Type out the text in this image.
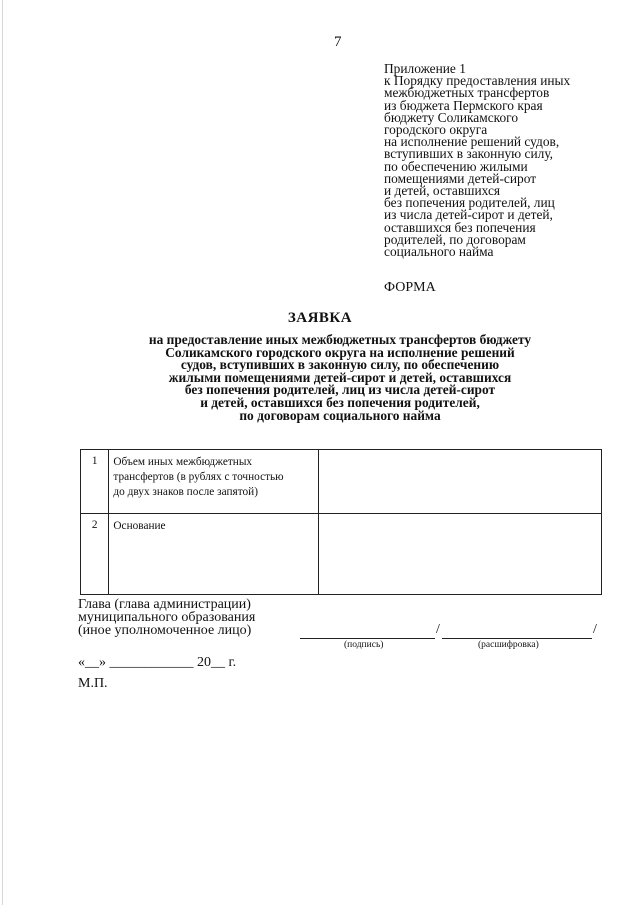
7
Приложение 1
к Порядку предоставления иных
межбюджетных трансфертов
из бюджета Пермского края
бюджету Соликамского
городского округа
на исполнение решений судов,
вступивших в законную силу,
по обеспечению жилыми
помещениями детей-сирот
и детей, оставшихся
без попечения родителей, лиц
из числа детей-сирот и детей,
оставшихся без попечения
родителей, по договорам
социального найма
ФОРМА
ЗАЯВКА
на предоставление иных межбюджетных трансфертов бюджету
Соликамского городского округа на исполнение решений
судов, вступивших в законную силу, по обеспечению
жилыми помещениями детей-сирот и детей, оставшихся
без попечения родителей, лиц из числа детей-сирот
и детей, оставшихся без попечения родителей,
по договорам социального найма
1	Объем иных межбюджетных
трансфертов (в рублях с точностью
до двух знаков после запятой)	

2	Основание	

Глава (глава администрации)
муниципального образования
(иное уполномоченное лицо)	/	/
(подпись)	(расшифровка)
«__» ____________ 20__ г.
М.П.
